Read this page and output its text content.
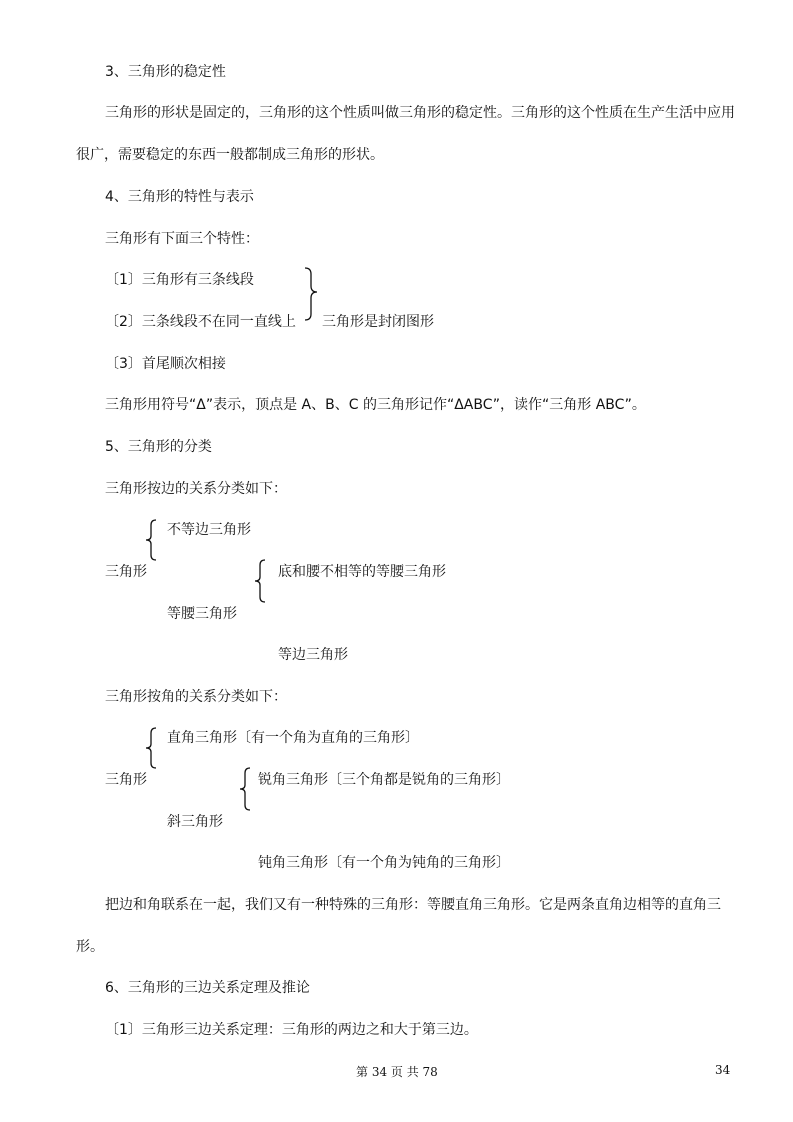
3、三角形的稳定性
三角形的形状是固定的，三角形的这个性质叫做三角形的稳定性。三角形的这个性质在生产生活中应用
很广，需要稳定的东西一般都制成三角形的形状。
4、三角形的特性与表示
三角形有下面三个特性：
〔1〕三角形有三条线段
〔2〕三条线段不在同一直线上 三角形是封闭图形
〔3〕首尾顺次相接
三角形用符号“Δ”表示，顶点是 A、B、C 的三角形记作“ΔABC”，读作“三角形 ABC”。
5、三角形的分类
三角形按边的关系分类如下：
不等边三角形
三角形	底和腰不相等的等腰三角形
等腰三角形
等边三角形
三角形按角的关系分类如下：
直角三角形〔有一个角为直角的三角形〕
三角形	锐角三角形〔三个角都是锐角的三角形〕
斜三角形
钝角三角形〔有一个角为钝角的三角形〕
把边和角联系在一起，我们又有一种特殊的三角形：等腰直角三角形。它是两条直角边相等的直角三
形。
6、三角形的三边关系定理及推论
〔1〕三角形三边关系定理：三角形的两边之和大于第三边。
第 34 页 共 78	34
